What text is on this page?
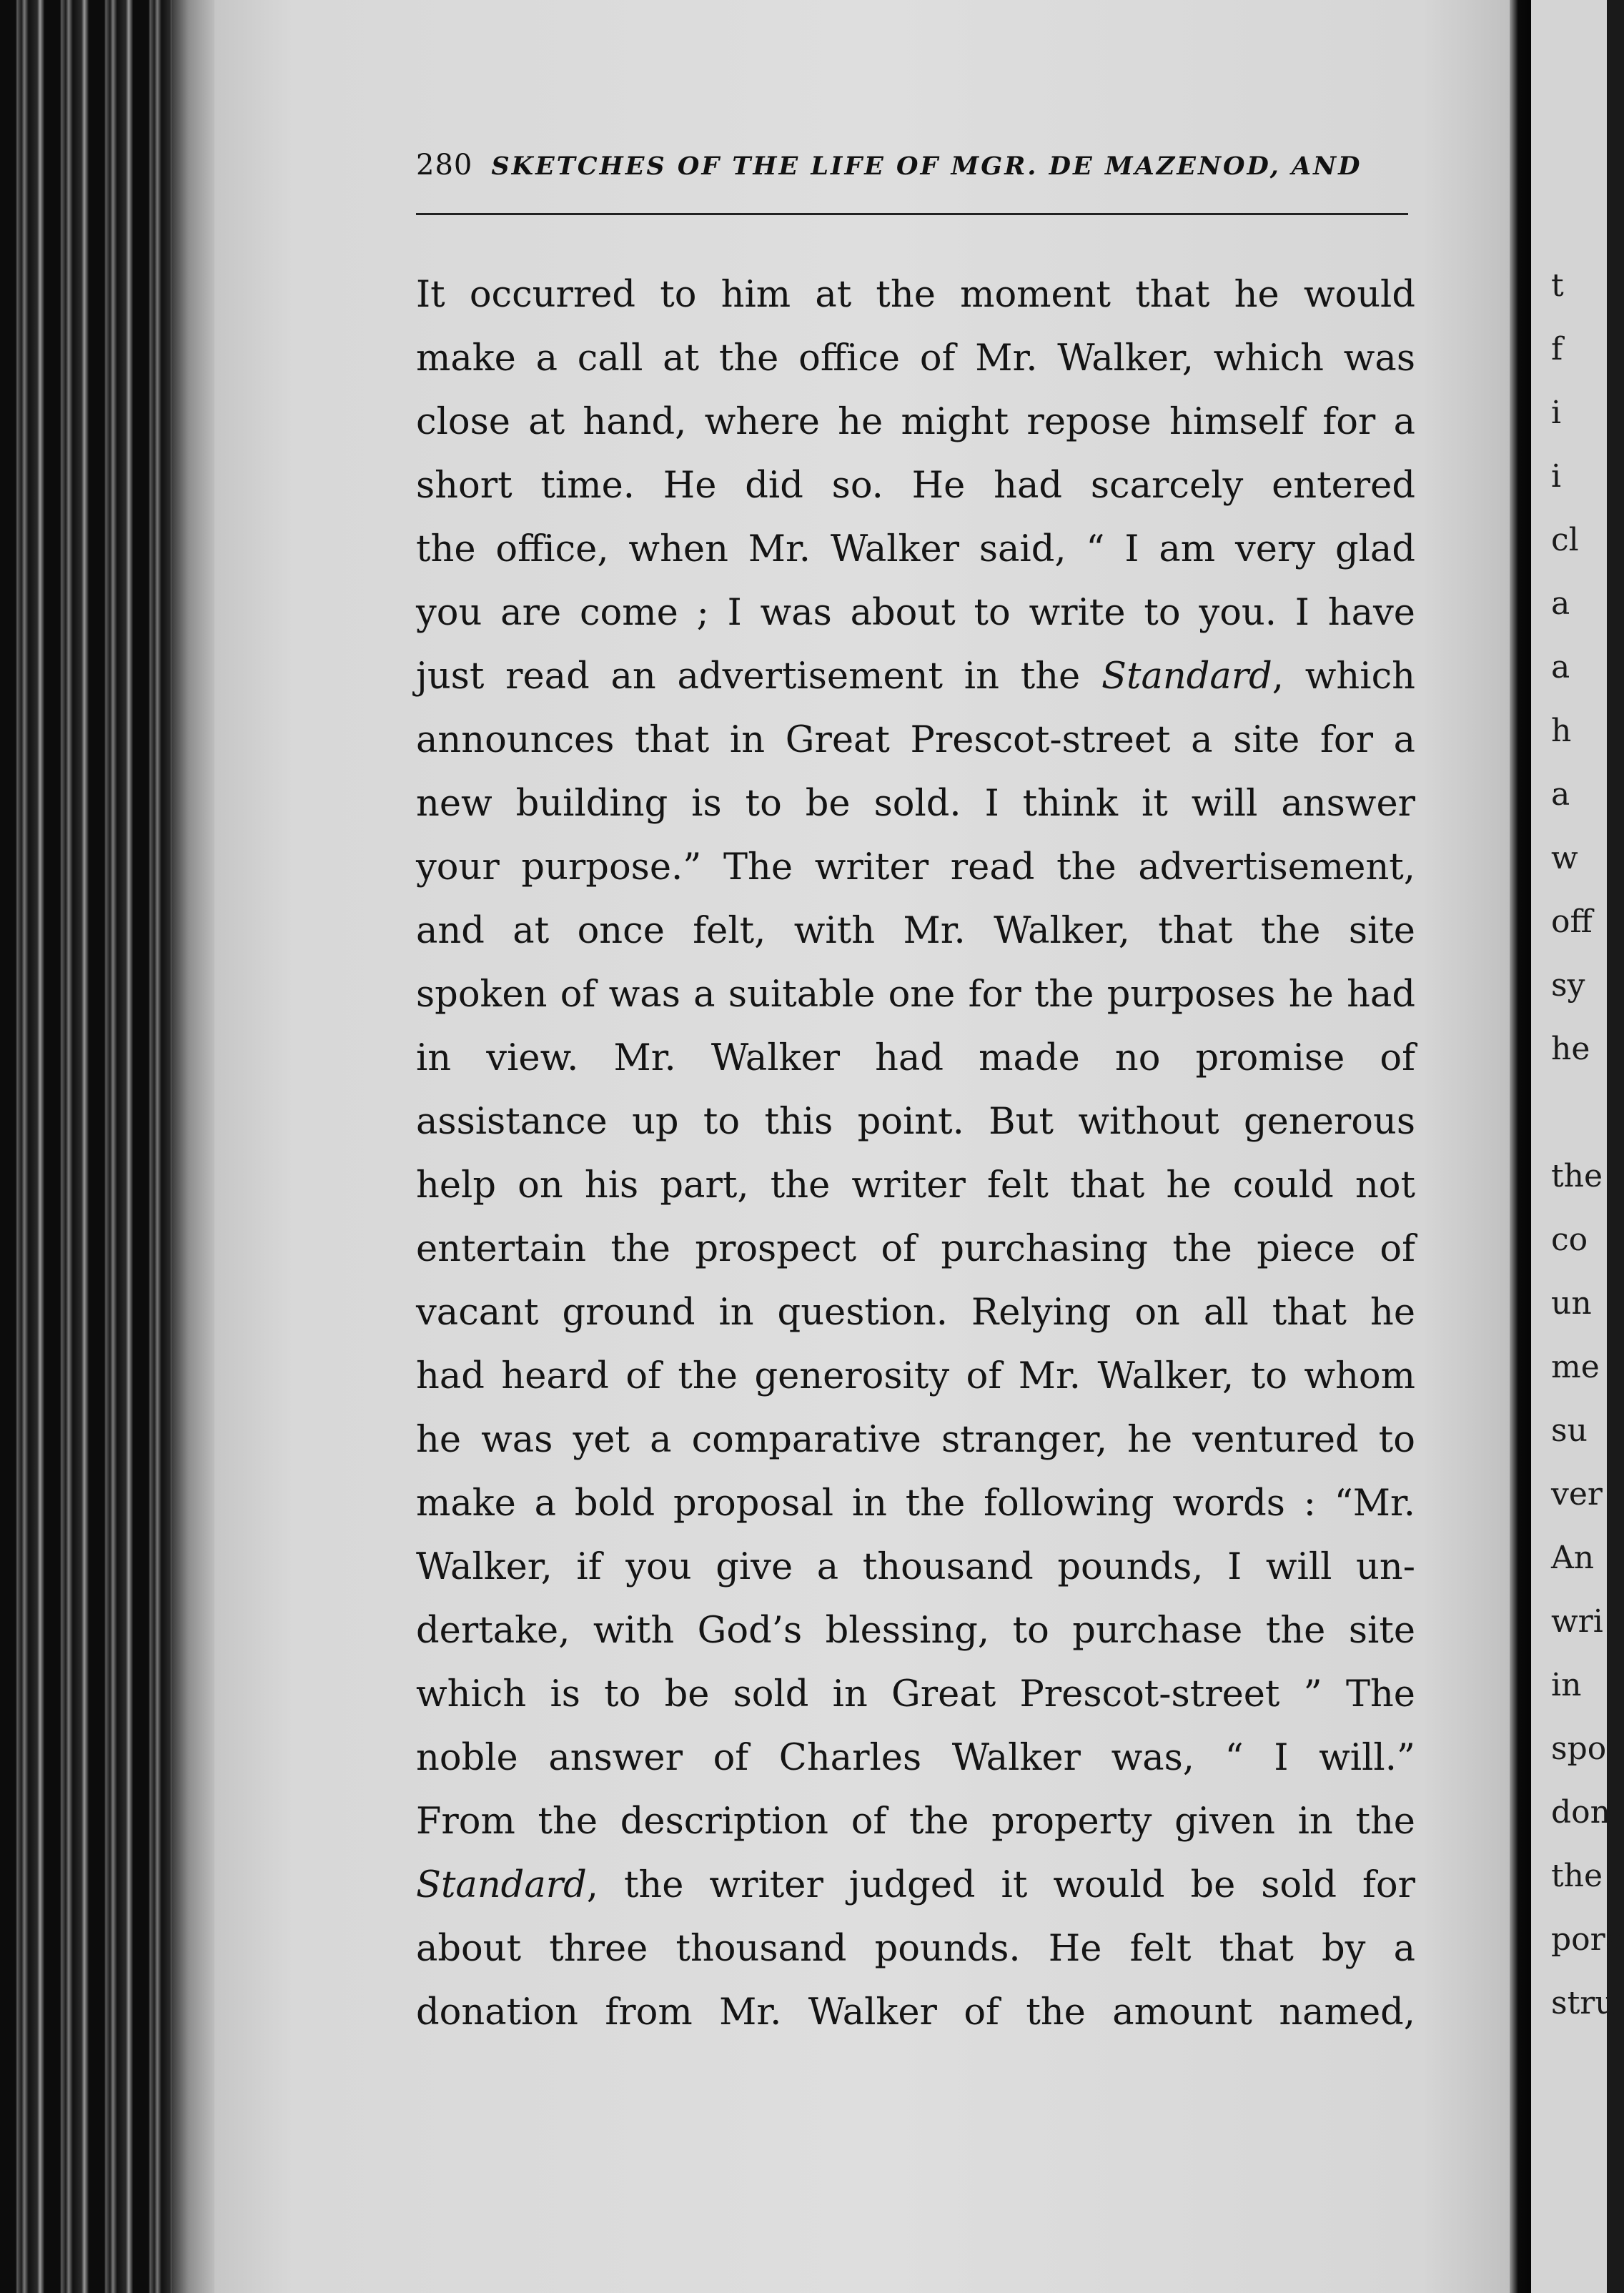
280 SKETCHES OF THE LIFE OF MGR. DE MAZENOD, AND
It occurred to him at the moment that he would
make a call at the office of Mr. Walker, which was
close at hand, where he might repose himself for a
short time. He did so. He had scarcely entered
the office, when Mr. Walker said, “ I am very glad
you are come ; I was about to write to you. I have
just read an advertisement in the Standard, which
announces that in Great Prescot-street a site for a
new building is to be sold. I think it will answer
your purpose.” The writer read the advertisement,
and at once felt, with Mr. Walker, that the site
spoken of was a suitable one for the purposes he had
in view. Mr. Walker had made no promise of
assistance up to this point. But without generous
help on his part, the writer felt that he could not
entertain the prospect of purchasing the piece of
vacant ground in question. Relying on all that he
had heard of the generosity of Mr. Walker, to whom
he was yet a comparative stranger, he ventured to
make a bold proposal in the following words : “Mr.
Walker, if you give a thousand pounds, I will un-
dertake, with God’s blessing, to purchase the site
which is to be sold in Great Prescot-street ” The
noble answer of Charles Walker was, “ I will.”
From the description of the property given in the
Standard, the writer judged it would be sold for
about three thousand pounds. He felt that by a
donation from Mr. Walker of the amount named,
t
f
i
i
cl
a
a
h
a
w
off
sy
he
the
co
un
me
su
ver
An
wri
in
spo
don
the
pora
stru
